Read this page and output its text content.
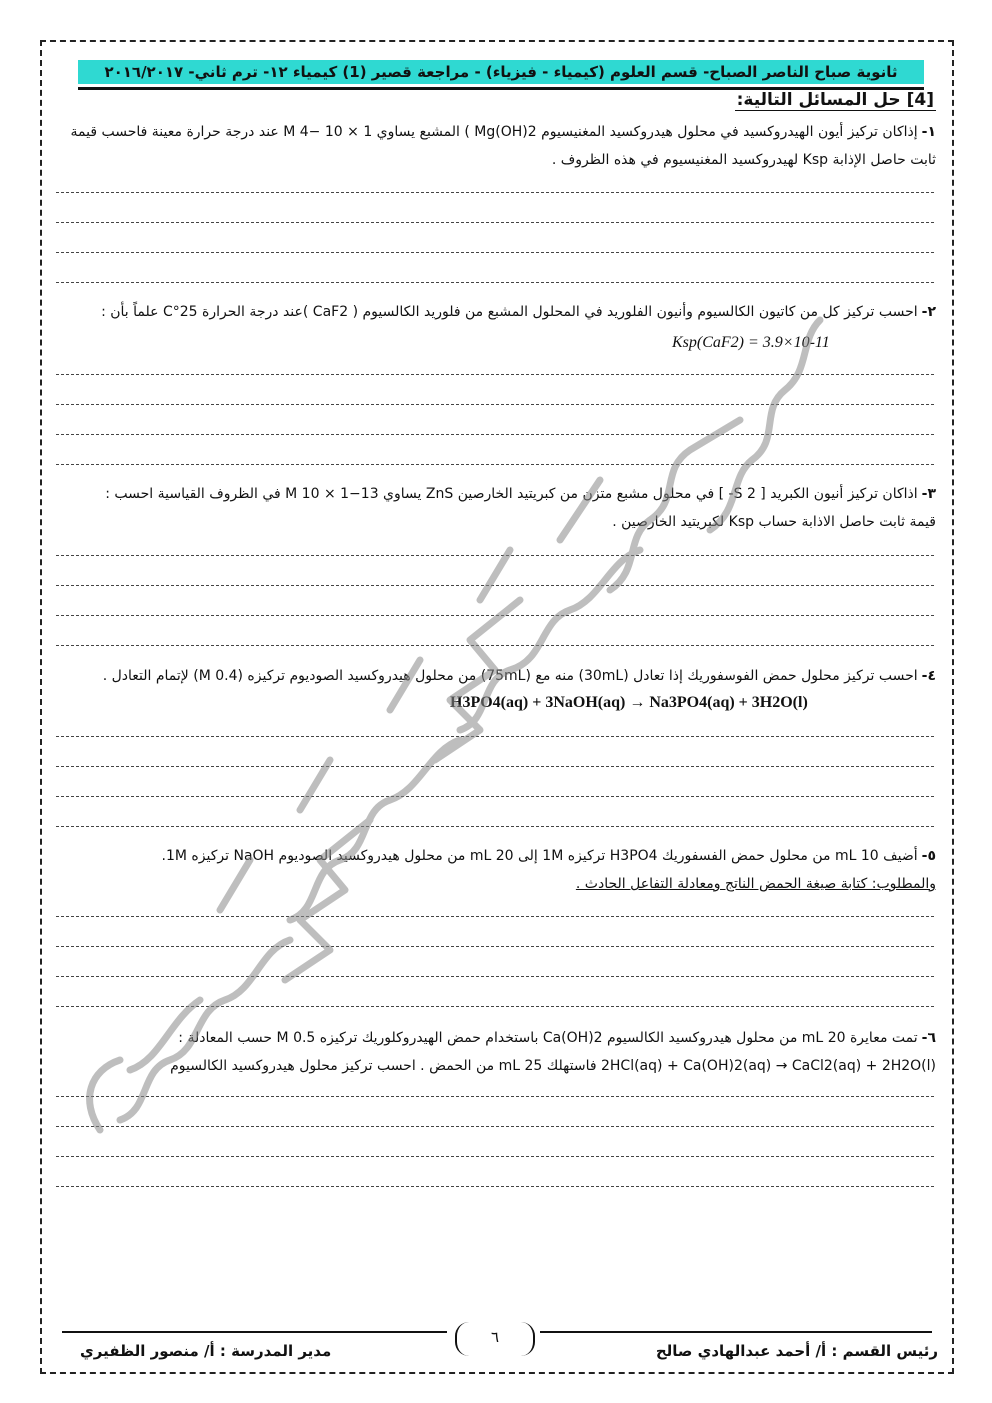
ثانوية صباح الناصر الصباح- قسم العلوم (كيمياء - فيزياء) - مراجعة قصير (1) كيمياء ١٢- ترم ثاني- ٢٠١٦/٢٠١٧
[4] حل المسائل التالية:
١-إذاكان تركيز أيون الهيدروكسيد في محلول هيدروكسيد المغنيسيوم Mg(OH)2 ) المشبع يساوي M 4− 10 × 1 عند درجة حرارة معينة فاحسب قيمة
ثابت حاصل الإذابة Ksp لهيدروكسيد المغنيسيوم في هذه الظروف .
٢-احسب تركيز كل من كاتيون الكالسيوم وأنيون الفلوريد في المحلول المشبع من فلوريد الكالسيوم ( CaF2 )عند درجة الحرارة 25°C علماً بأن :
Ksp(CaF2) = 3.9×10-11
٣-اذاكان تركيز أنيون الكبريد [ S 2- ] في محلول مشبع متزن من كبريتيد الخارصين ZnS يساوي 13−M 10 × 1 في الظروف القياسية احسب :
قيمة ثابت حاصل الاذابة حساب Ksp لكبريتيد الخارصين .
٤-احسب تركيز محلول حمض الفوسفوريك إذا تعادل (30mL) منه مع (75mL) من محلول هيدروكسيد الصوديوم تركيزه (0.4 M) لإتمام التعادل .
H3PO4(aq) + 3NaOH(aq) → Na3PO4(aq) + 3H2O(l)
٥-أضيف 10 mL من محلول حمض الفسفوريك H3PO4 تركيزه 1M إلى 20 mL من محلول هيدروكسيد الصوديوم NaOH تركيزه 1M.
والمطلوب: كتابة صيغة الحمض الناتج ومعادلة التفاعل الحادث .
٦-تمت معايرة 20 mL من محلول هيدروكسيد الكالسيوم Ca(OH)2 باستخدام حمض الهيدروكلوريك تركيزه 0.5 M حسب المعادلة :
2HCl(aq) + Ca(OH)2(aq) → CaCl2(aq) + 2H2O(l) فاستهلك 25 mL من الحمض . احسب تركيز محلول هيدروكسيد الكالسيوم
٦
رئيس القسم : أ/ أحمد عبدالهادي صالح
مدير المدرسة : أ/ منصور الظفيري
